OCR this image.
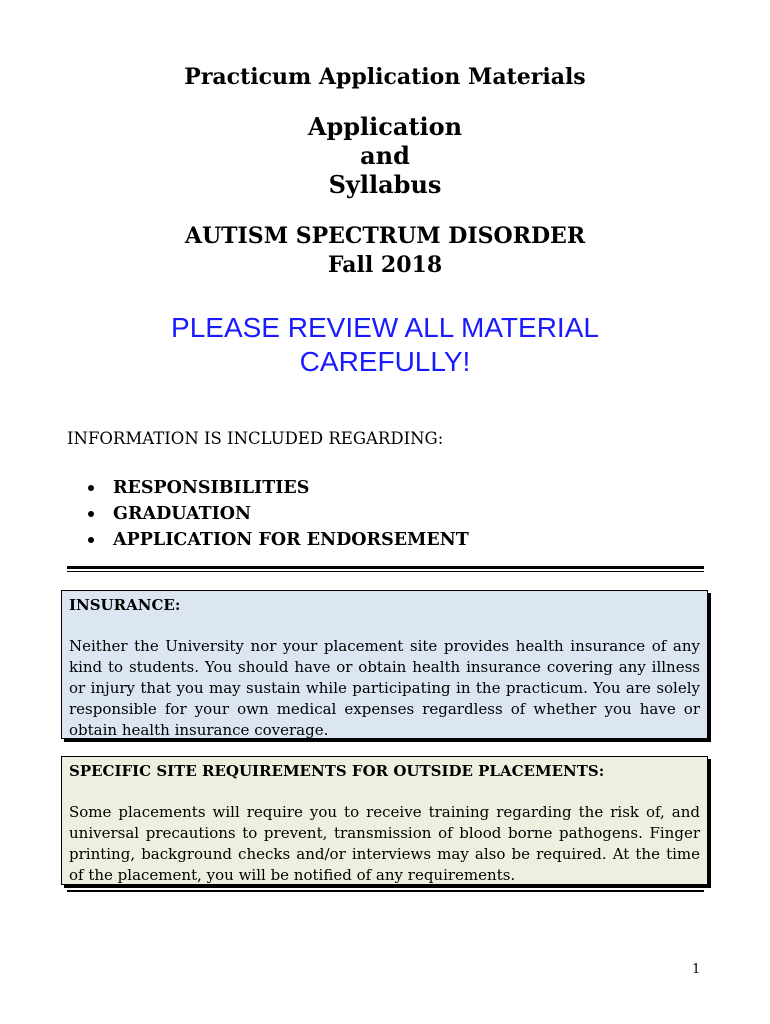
Practicum Application Materials
Application
and
Syllabus
AUTISM SPECTRUM DISORDER
Fall 2018
PLEASE REVIEW ALL MATERIAL
CAREFULLY!
INFORMATION IS INCLUDED REGARDING:
RESPONSIBILITIES
GRADUATION
APPLICATION FOR ENDORSEMENT
INSURANCE:
Neither the University nor your placement site provides health insurance of any kind to students. You should have or obtain health insurance covering any illness or injury that you may sustain while participating in the practicum. You are solely responsible for your own medical expenses regardless of whether you have or obtain health insurance coverage.
SPECIFIC SITE REQUIREMENTS FOR OUTSIDE PLACEMENTS:
Some placements will require you to receive training regarding the risk of, and universal precautions to prevent, transmission of blood borne pathogens. Finger printing, background checks and/or interviews may also be required. At the time of the placement, you will be notified of any requirements.
1
